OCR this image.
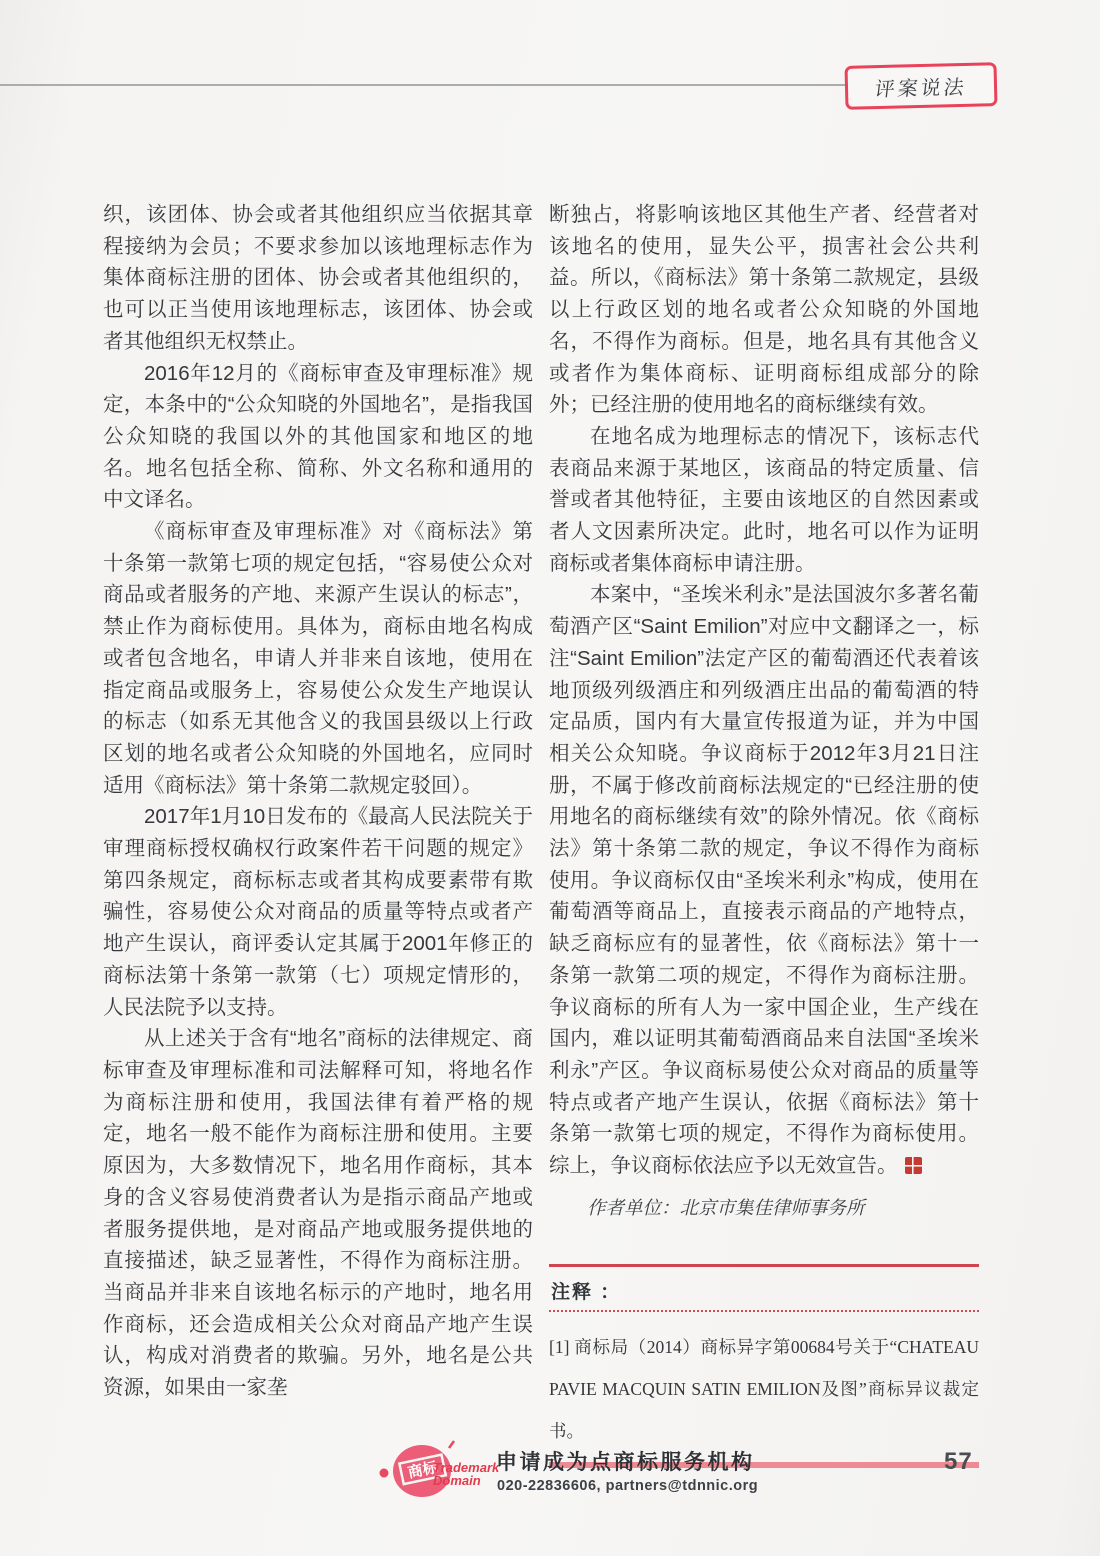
评案说法

织，该团体、协会或者其他组织应当依据其章程接纳为会员；不要求参加以该地理标志作为集体商标注册的团体、协会或者其他组织的，也可以正当使用该地理标志，该团体、协会或者其他组织无权禁止。

2016年12月的《商标审查及审理标准》规定，本条中的“公众知晓的外国地名”，是指我国公众知晓的我国以外的其他国家和地区的地名。地名包括全称、简称、外文名称和通用的中文译名。

《商标审查及审理标准》对《商标法》第十条第一款第七项的规定包括，“容易使公众对商品或者服务的产地、来源产生误认的标志”，禁止作为商标使用。具体为，商标由地名构成或者包含地名，申请人并非来自该地，使用在指定商品或服务上，容易使公众发生产地误认的标志（如系无其他含义的我国县级以上行政区划的地名或者公众知晓的外国地名，应同时适用《商标法》第十条第二款规定驳回）。

2017年1月10日发布的《最高人民法院关于审理商标授权确权行政案件若干问题的规定》第四条规定，商标标志或者其构成要素带有欺骗性，容易使公众对商品的质量等特点或者产地产生误认，商评委认定其属于2001年修正的商标法第十条第一款第（七）项规定情形的，人民法院予以支持。

从上述关于含有“地名”商标的法律规定、商标审查及审理标准和司法解释可知，将地名作为商标注册和使用，我国法律有着严格的规定，地名一般不能作为商标注册和使用。主要原因为，大多数情况下，地名用作商标，其本身的含义容易使消费者认为是指示商品产地或者服务提供地，是对商品产地或服务提供地的直接描述，缺乏显著性，不得作为商标注册。当商品并非来自该地名标示的产地时，地名用作商标，还会造成相关公众对商品产地产生误认，构成对消费者的欺骗。另外，地名是公共资源，如果由一家垄

断独占，将影响该地区其他生产者、经营者对该地名的使用，显失公平，损害社会公共利益。所以，《商标法》第十条第二款规定，县级以上行政区划的地名或者公众知晓的外国地名，不得作为商标。但是，地名具有其他含义或者作为集体商标、证明商标组成部分的除外；已经注册的使用地名的商标继续有效。

在地名成为地理标志的情况下，该标志代表商品来源于某地区，该商品的特定质量、信誉或者其他特征，主要由该地区的自然因素或者人文因素所决定。此时，地名可以作为证明商标或者集体商标申请注册。

本案中，“圣埃米利永”是法国波尔多著名葡萄酒产区“Saint Emilion”对应中文翻译之一，标注“Saint Emilion”法定产区的葡萄酒还代表着该地顶级列级酒庄和列级酒庄出品的葡萄酒的特定品质，国内有大量宣传报道为证，并为中国相关公众知晓。争议商标于2012年3月21日注册，不属于修改前商标法规定的“已经注册的使用地名的商标继续有效”的除外情况。依《商标法》第十条第二款的规定，争议不得作为商标使用。争议商标仅由“圣埃米利永”构成，使用在葡萄酒等商品上，直接表示商品的产地特点，缺乏商标应有的显著性，依《商标法》第十一条第一款第二项的规定，不得作为商标注册。争议商标的所有人为一家中国企业，生产线在国内，难以证明其葡萄酒商品来自法国“圣埃米利永”产区。争议商标易使公众对商品的质量等特点或者产地产生误认，依据《商标法》第十条第一款第七项的规定，不得作为商标使用。综上，争议商标依法应予以无效宣告。

作者单位：北京市集佳律师事务所

注释 ：

[1] 商标局（2014）商标异字第00684号关于“CHATEAU PAVIE MACQUIN SATIN EMILION及图”商标异议裁定书。

商标
Trademark
Domain
申请成为点商标服务机构
020-22836606, partners@tdnnic.org
57
